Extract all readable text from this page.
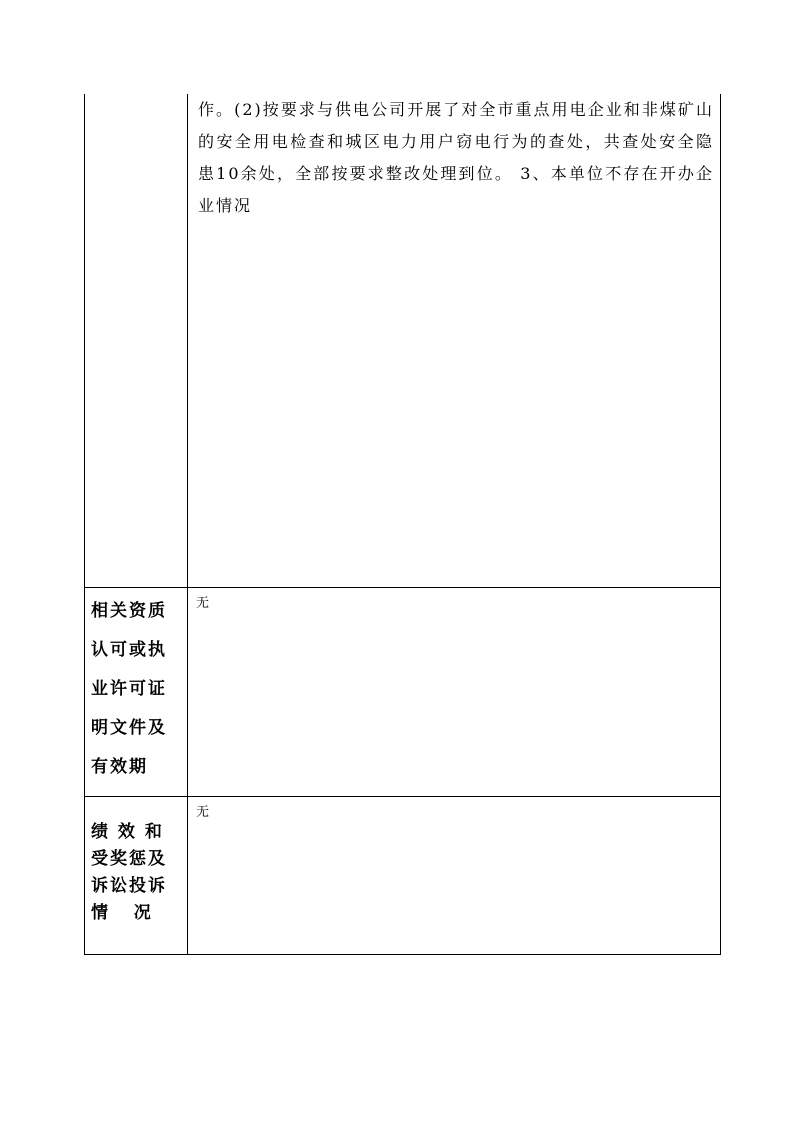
	作。(2)按要求与供电公司开展了对全市重点用电企业和非煤矿山的安全用电检查和城区电力用户窃电行为的查处，共查处安全隐患10余处，全部按要求整改处理到位。 3、本单位不存在开办企业情况

相关资质
认可或执
业许可证
明文件及
有效期	无

绩 效 和
受奖惩及
诉讼投诉
情   况	无
